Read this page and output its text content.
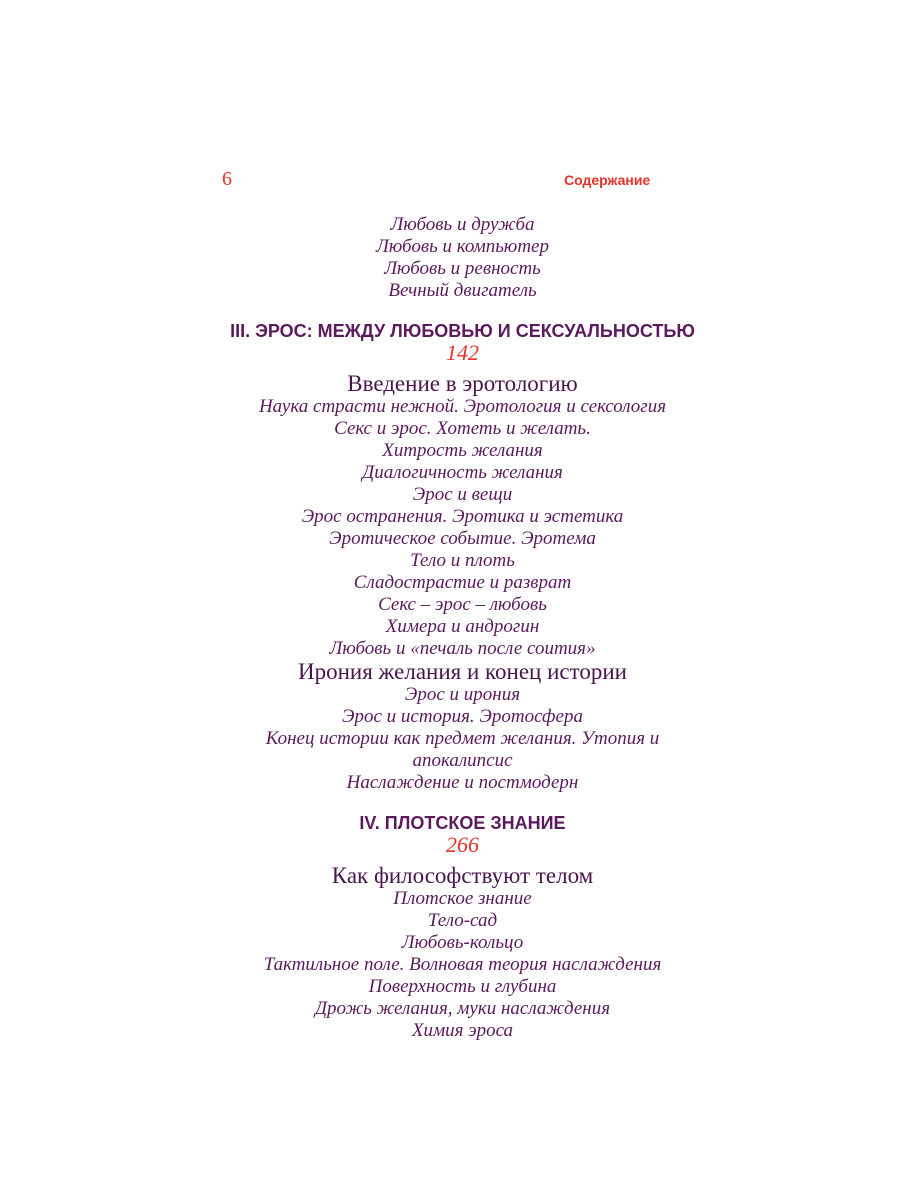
6	Содержание
Любовь и дружба
Любовь и компьютер
Любовь и ревность
Вечный двигатель
III. ЭРОС: МЕЖДУ ЛЮБОВЬЮ И СЕКСУАЛЬНОСТЬЮ
142
Введение в эротологию
Наука страсти нежной. Эротология и сексология
Секс и эрос. Хотеть и желать.
Хитрость желания
Диалогичность желания
Эрос и вещи
Эрос остранения. Эротика и эстетика
Эротическое событие. Эротема
Тело и плоть
Сладострастие и разврат
Секс – эрос – любовь
Химера и андрогин
Любовь и «печаль после соития»
Ирония желания и конец истории
Эрос и ирония
Эрос и история. Эротосфера
Конец истории как предмет желания. Утопия и
апокалипсис
Наслаждение и постмодерн
IV. ПЛОТСКОЕ ЗНАНИЕ
266
Как философствуют телом
Плотское знание
Тело-сад
Любовь-кольцо
Тактильное поле. Волновая теория наслаждения
Поверхность и глубина
Дрожь желания, муки наслаждения
Химия эроса
